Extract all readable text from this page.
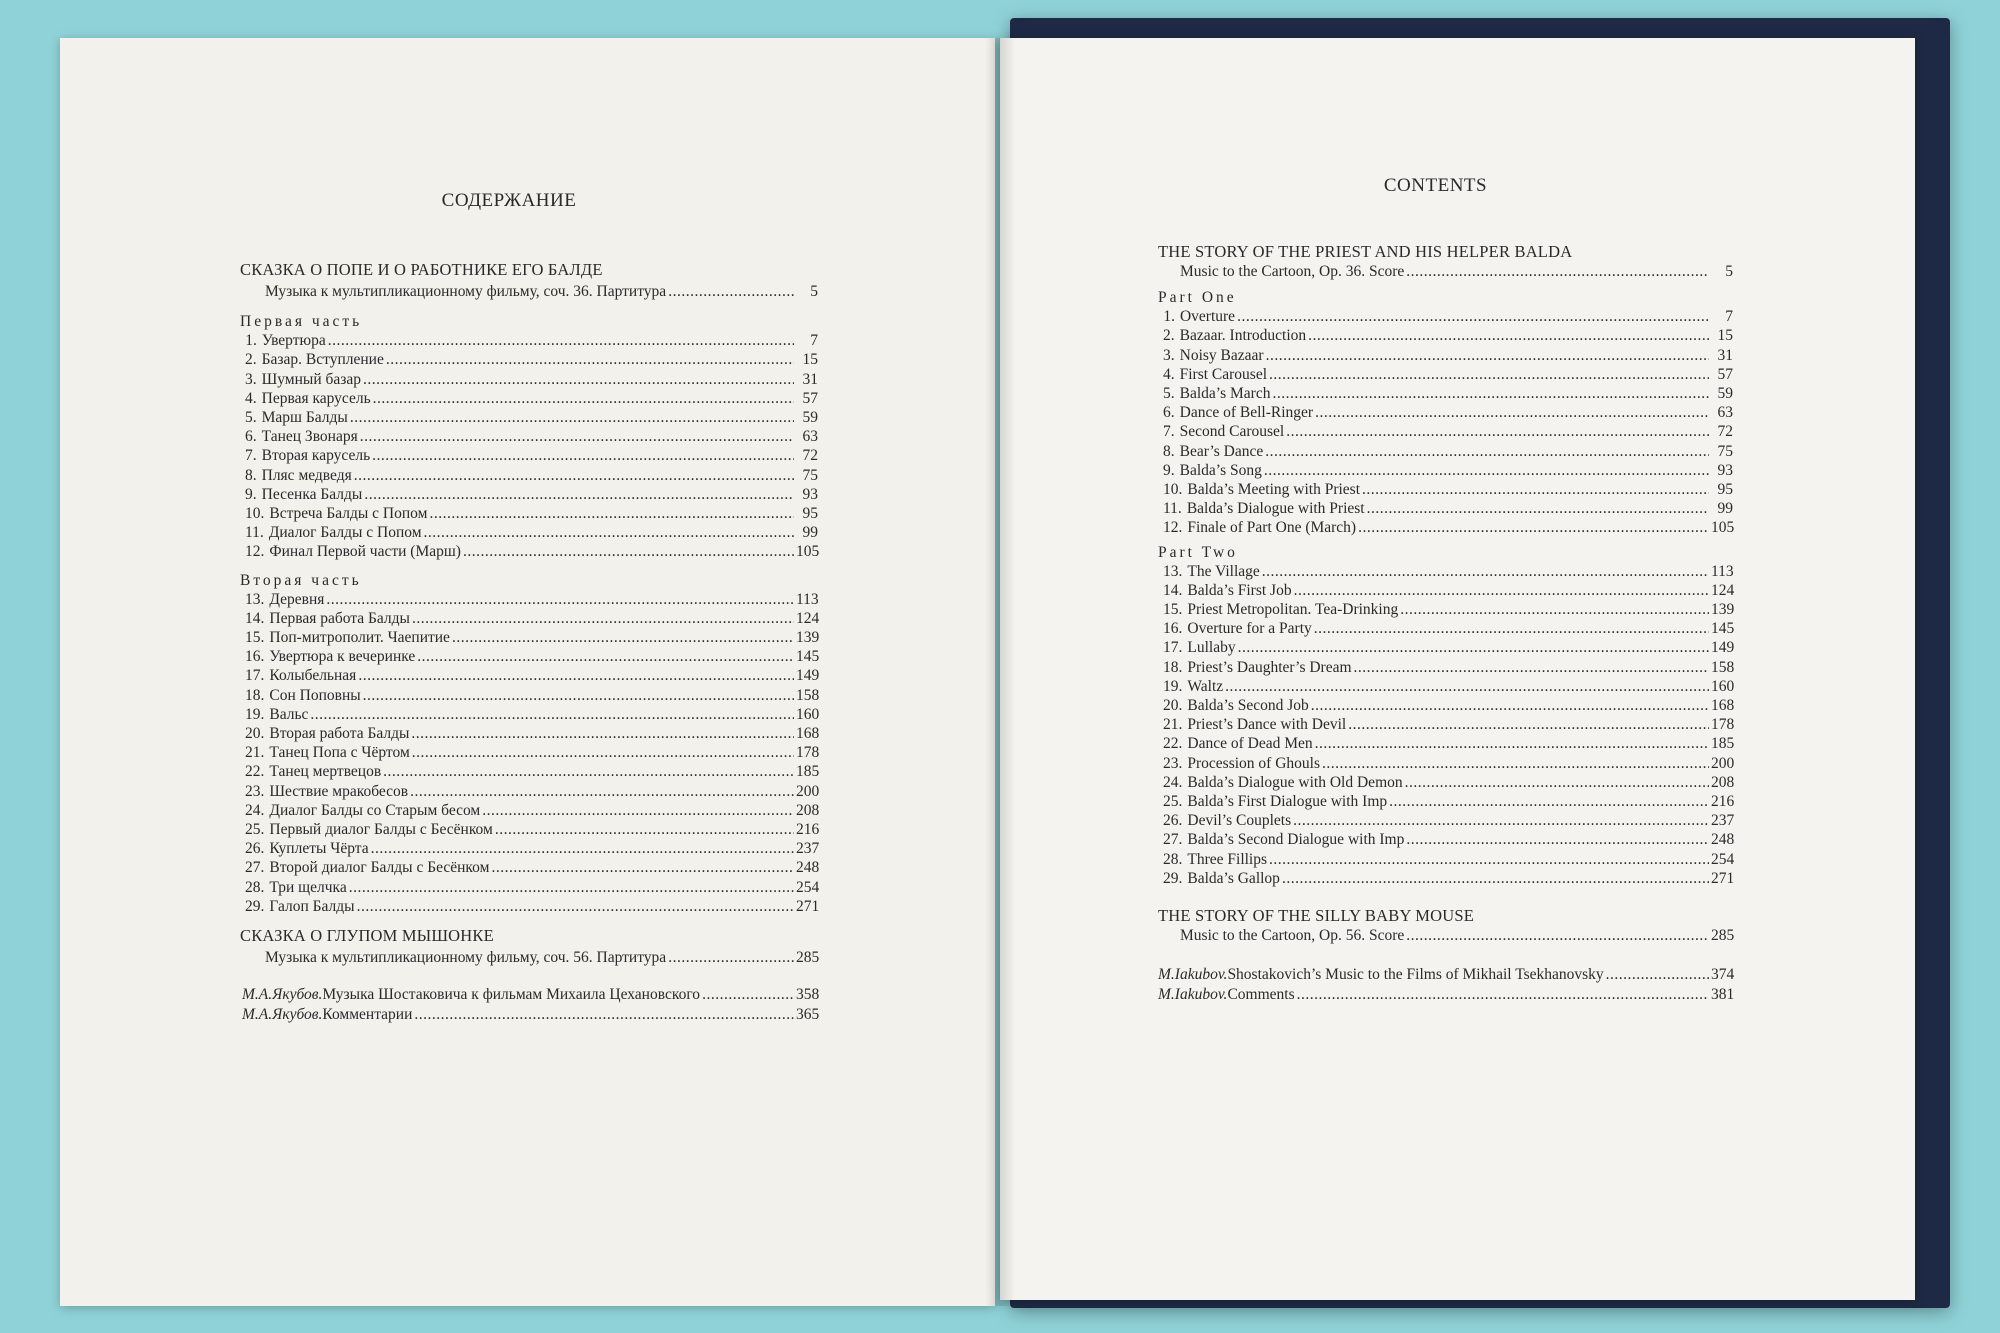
СОДЕРЖАНИЕ
СКАЗКА О ПОПЕ И О РАБОТНИКЕ ЕГО БАЛДЕ
Музыка к мультипликационному фильму, соч. 36. Партитура .....	5
Первая часть
1. Увертюра .....	7
2. Базар. Вступление .....	15
3. Шумный базар .....	31
4. Первая карусель .....	57
5. Марш Балды .....	59
6. Танец Звонаря .....	63
7. Вторая карусель .....	72
8. Пляс медведя .....	75
9. Песенка Балды .....	93
10. Встреча Балды с Попом .....	95
11. Диалог Балды с Попом .....	99
12. Финал Первой части (Марш) .....	105
Вторая часть
13. Деревня .....	113
14. Первая работа Балды .....	124
15. Поп-митрополит. Чаепитие .....	139
16. Увертюра к вечеринке .....	145
17. Колыбельная .....	149
18. Сон Поповны .....	158
19. Вальс .....	160
20. Вторая работа Балды .....	168
21. Танец Попа с Чёртом .....	178
22. Танец мертвецов .....	185
23. Шествие мракобесов .....	200
24. Диалог Балды со Старым бесом .....	208
25. Первый диалог Балды с Бесёнком .....	216
26. Куплеты Чёрта .....	237
27. Второй диалог Балды с Бесёнком .....	248
28. Три щелчка .....	254
29. Галоп Балды .....	271
СКАЗКА О ГЛУПОМ МЫШОНКЕ
Музыка к мультипликационному фильму, соч. 56. Партитура .....	285
М.А.Якубов. Музыка Шостаковича к фильмам Михаила Цехановского .....	358
М.А.Якубов. Комментарии .....	365
CONTENTS
THE STORY OF THE PRIEST AND HIS HELPER BALDA
Music to the Cartoon, Op. 36. Score .....	5
Part One
1. Overture .....	7
2. Bazaar. Introduction .....	15
3. Noisy Bazaar .....	31
4. First Carousel .....	57
5. Balda’s March .....	59
6. Dance of Bell-Ringer .....	63
7. Second Carousel .....	72
8. Bear’s Dance .....	75
9. Balda’s Song .....	93
10. Balda’s Meeting with Priest .....	95
11. Balda’s Dialogue with Priest .....	99
12. Finale of Part One (March) .....	105
Part Two
13. The Village .....	113
14. Balda’s First Job .....	124
15. Priest Metropolitan. Tea-Drinking .....	139
16. Overture for a Party .....	145
17. Lullaby .....	149
18. Priest’s Daughter’s Dream .....	158
19. Waltz .....	160
20. Balda’s Second Job .....	168
21. Priest’s Dance with Devil .....	178
22. Dance of Dead Men .....	185
23. Procession of Ghouls .....	200
24. Balda’s Dialogue with Old Demon .....	208
25. Balda’s First Dialogue with Imp .....	216
26. Devil’s Couplets .....	237
27. Balda’s Second Dialogue with Imp .....	248
28. Three Fillips .....	254
29. Balda’s Gallop .....	271
THE STORY OF THE SILLY BABY MOUSE
Music to the Cartoon, Op. 56. Score .....	285
M.Iakubov. Shostakovich’s Music to the Films of Mikhail Tsekhanovsky .....	374
M.Iakubov. Comments .....	381
